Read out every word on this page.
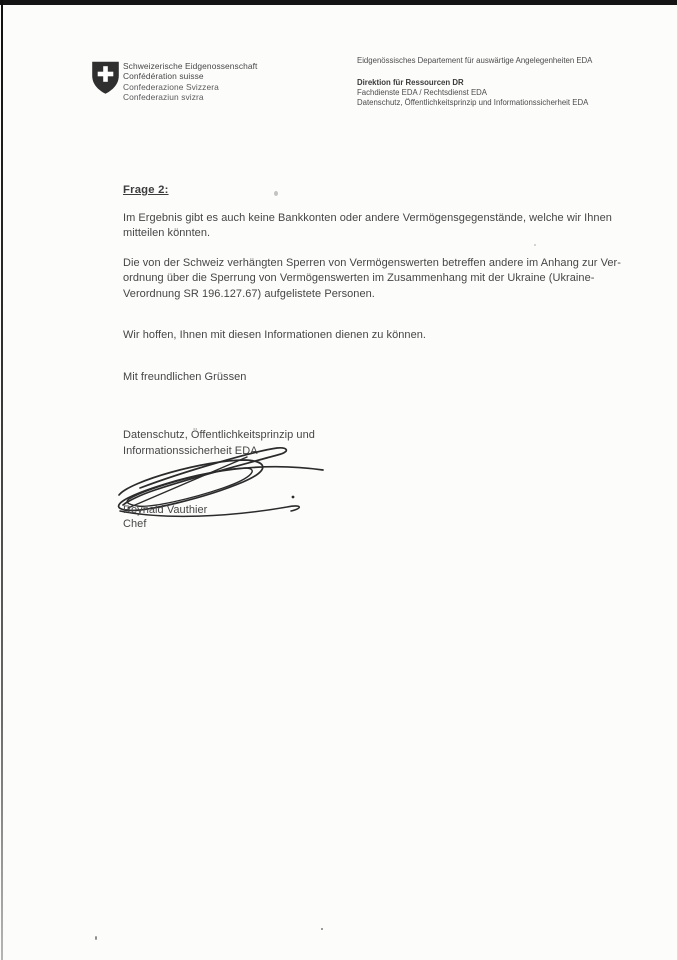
Schweizerische Eidgenossenschaft
Confédération suisse
Confederazione Svizzera
Confederaziun svizra
Eidgenössisches Departement für auswärtige Angelegenheiten EDA
Direktion für Ressourcen DR
Fachdienste EDA / Rechtsdienst EDA
Datenschutz, Öffentlichkeitsprinzip und Informationssicherheit EDA
Frage 2:
Im Ergebnis gibt es auch keine Bankkonten oder andere Vermögensgegenstände, welche wir Ihnen
mitteilen könnten.
Die von der Schweiz verhängten Sperren von Vermögenswerten betreffen andere im Anhang zur Ver-
ordnung über die Sperrung von Vermögenswerten im Zusammenhang mit der Ukraine (Ukraine-
Verordnung SR 196.127.67) aufgelistete Personen.
Wir hoffen, Ihnen mit diesen Informationen dienen zu können.
Mit freundlichen Grüssen
Datenschutz, Öffentlichkeitsprinzip und
Informationssicherheit EDA
Reynald Vauthier
Chef
